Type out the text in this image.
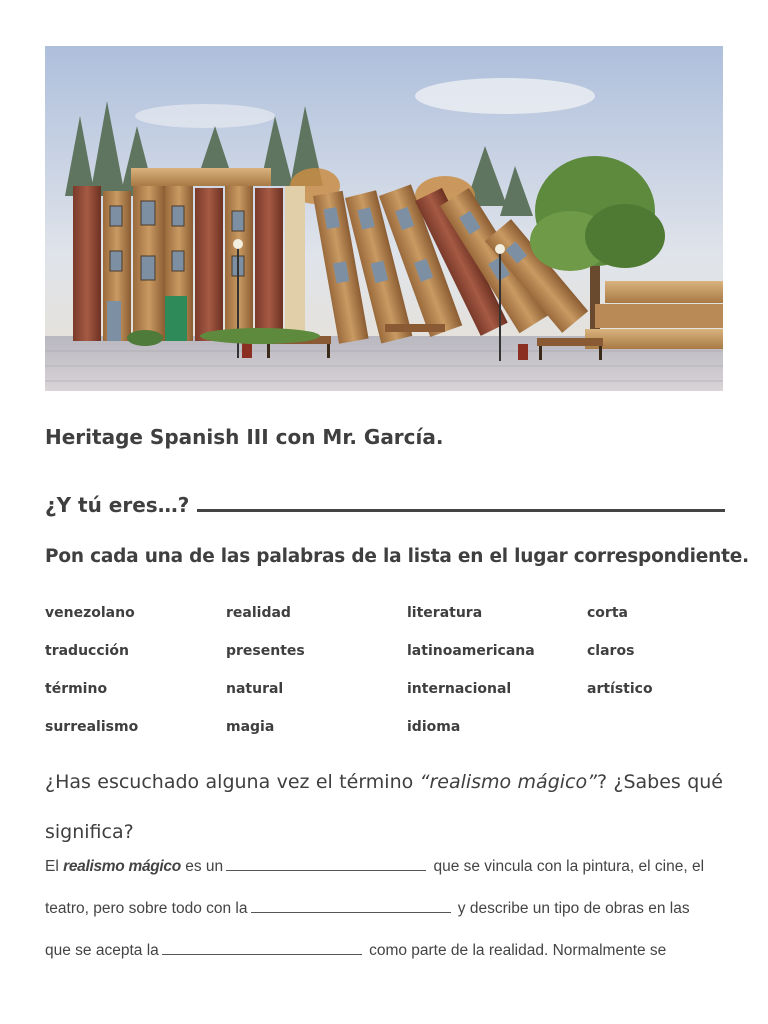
Heritage Spanish III con Mr. García.
¿Y tú eres…?
Pon cada una de las palabras de la lista en el lugar correspondiente.
venezolano	realidad	literatura	corta
traducción	presentes	latinoamericana	claros
término	natural	internacional	artístico
surrealismo	magia	idioma
¿Has escuchado alguna vez el término “realismo mágico”? ¿Sabes qué significa?
El realismo mágico es un	que se vincula con la pintura, el cine, el
teatro, pero sobre todo con la	y describe un tipo de obras en las
que se acepta la	como parte de la realidad. Normalmente se
